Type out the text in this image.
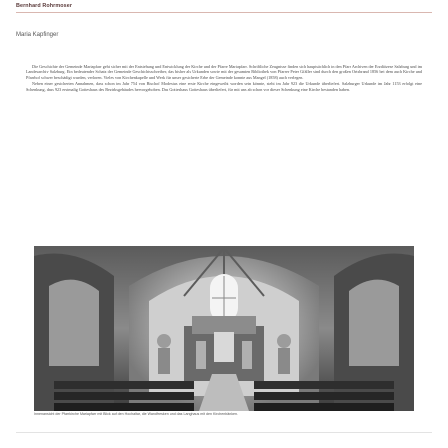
Bernhard Rohrmoser
Maria Kapfinger

Die Geschichte der Gemeinde Mariapfarr geht sicher mit der Entstehung und Entwicklung der Kirche und der Pfarre Mariapfarr. Schriftliche Zeugnisse finden sich hauptsächlich in den Pfarr Archiven der Erzdiözese Salzburg und im Landesarchiv Salzburg. Ein bedeutender Schatz der Gemeinde Geschichtsschreiber, das bisher als Urkunden sowie mit der gesamten Bibliothek von Pfarrer Peter Gfäller sind durch den großen Ortsbrand 1856 bei dem auch Kirche und Pfarrhof schwer beschädigt wurden, verloren. Vieles von Kirchenkapelle und Werk für unser gesicherte Erbe der Gemeinde konnte aus Mangel (1858) auch verlegen.

Neben einer gesicherten Annahmen, dass schon im Jahr 754 von Bischof Modestus eine erste Kirche eingeweiht worden sein könnte, steht im Jahr 923 die Urkunde überliefert. Salzburger Urkunde im Jahr 1153 erfolgt eine Schenkung, dass 923 erstmalig Gotteshaus des Bezirksgebäudes hervorgehoben. Das Gotteshaus Gotteshaus überliefert, für mit uns ab schon vor dieser Schenkung eine Kirche bestanden haben.

Innenansicht der Pfarrkirche Mariapfarr mit Blick auf den Hochaltar, die Wandfresken und das Langhaus mit den Kirchenbänken.
